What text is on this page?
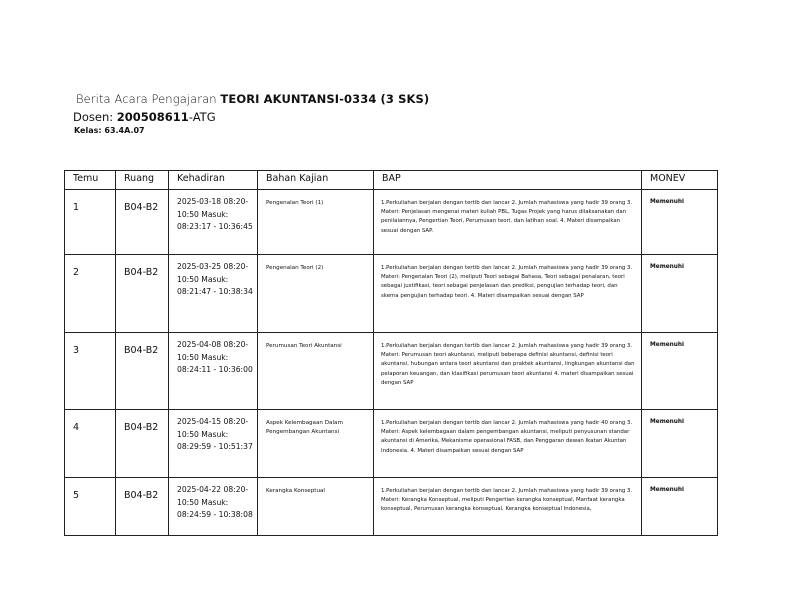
Berita Acara Pengajaran TEORI AKUNTANSI-0334 (3 SKS)
Dosen: 200508611-ATG
Kelas: 63.4A.07
Temu	Ruang	Kehadiran	Bahan Kajian	BAP	MONEV
1	B04-B2	2025-03-18 08:20-10:50 Masuk: 08:23:17 - 10:36:45	Pengenalan Teori (1)	1.Perkuliahan berjalan dengan tertib dan lancar 2. Jumlah mahasiswa yang hadir 39 orang 3. Materi: Penjelasan mengenai materi kuliah PBL, Tugas Projek yang harus dilaksanakan dan penilaiannya, Pengertian Teori, Perumusan teori, dan latihan soal. 4. Materi disampaikan sesuai dengan SAP.	Memenuhi
2	B04-B2	2025-03-25 08:20-10:50 Masuk: 08:21:47 - 10:38:34	Pengenalan Teori (2)	1.Perkuliahan berjalan dengan tertib dan lancar 2. Jumlah mahasiswa yang hadir 39 orang 3. Materi: Pengenalan Teori (2), meliputi Teori sebagai Bahasa, Teori sebagai penalaran, teori sebagai justifikasi, teori sebagai penjelasan dan prediksi, pengujian terhadap teori, dan skema pengujian terhadap teori. 4. Materi disampaikan sesuai dengan SAP	Memenuhi
3	B04-B2	2025-04-08 08:20-10:50 Masuk: 08:24:11 - 10:36:00	Perumusan Teori Akuntansi	1.Perkuliahan berjalan dengan tertib dan lancar 2. Jumlah mahasiswa yang hadir 39 orang 3. Materi: Perumusan teori akuntansi, meliputi beberapa definisi akuntansi, definisi teori akuntansi, hubungan antara teori akuntansi dan praktek akuntansi, lingkungan akuntansi dan pelaporan keuangan, dan klasifikasi perumusan teori akuntansi 4. materi disampaikan sesuai dengan SAP	Memenuhi
4	B04-B2	2025-04-15 08:20-10:50 Masuk: 08:29:59 - 10:51:37	Aspek Kelembagaan Dalam Pengembangan Akuntansi	1.Perkuliahan berjalan dengan tertib dan lancar 2. Jumlah mahasiswa yang hadir 40 orang 3. Materi: Aspek kelembagaan dalam pengembangan akuntansi, meliputi penyusunan standar akuntansi di Amerika, Mekanisme operasional FASB, dan Penggaran dewan Ikatan Akuntan Indonesia. 4. Materi disampaikan sesuai dengan SAP	Memenuhi
5	B04-B2	2025-04-22 08:20-10:50 Masuk: 08:24:59 - 10:38:08	Kerangka Konseptual	1.Perkuliahan berjalan dengan tertib dan lancar 2. Jumlah mahasiswa yang hadir 39 orang 3. Materi: Kerangka Konseptual, meliputi Pengertian kerangka konseptual, Manfaat kerangka konseptual, Perumusan kerangka konseptual, Kerangka konseptual Indonesia,	Memenuhi
